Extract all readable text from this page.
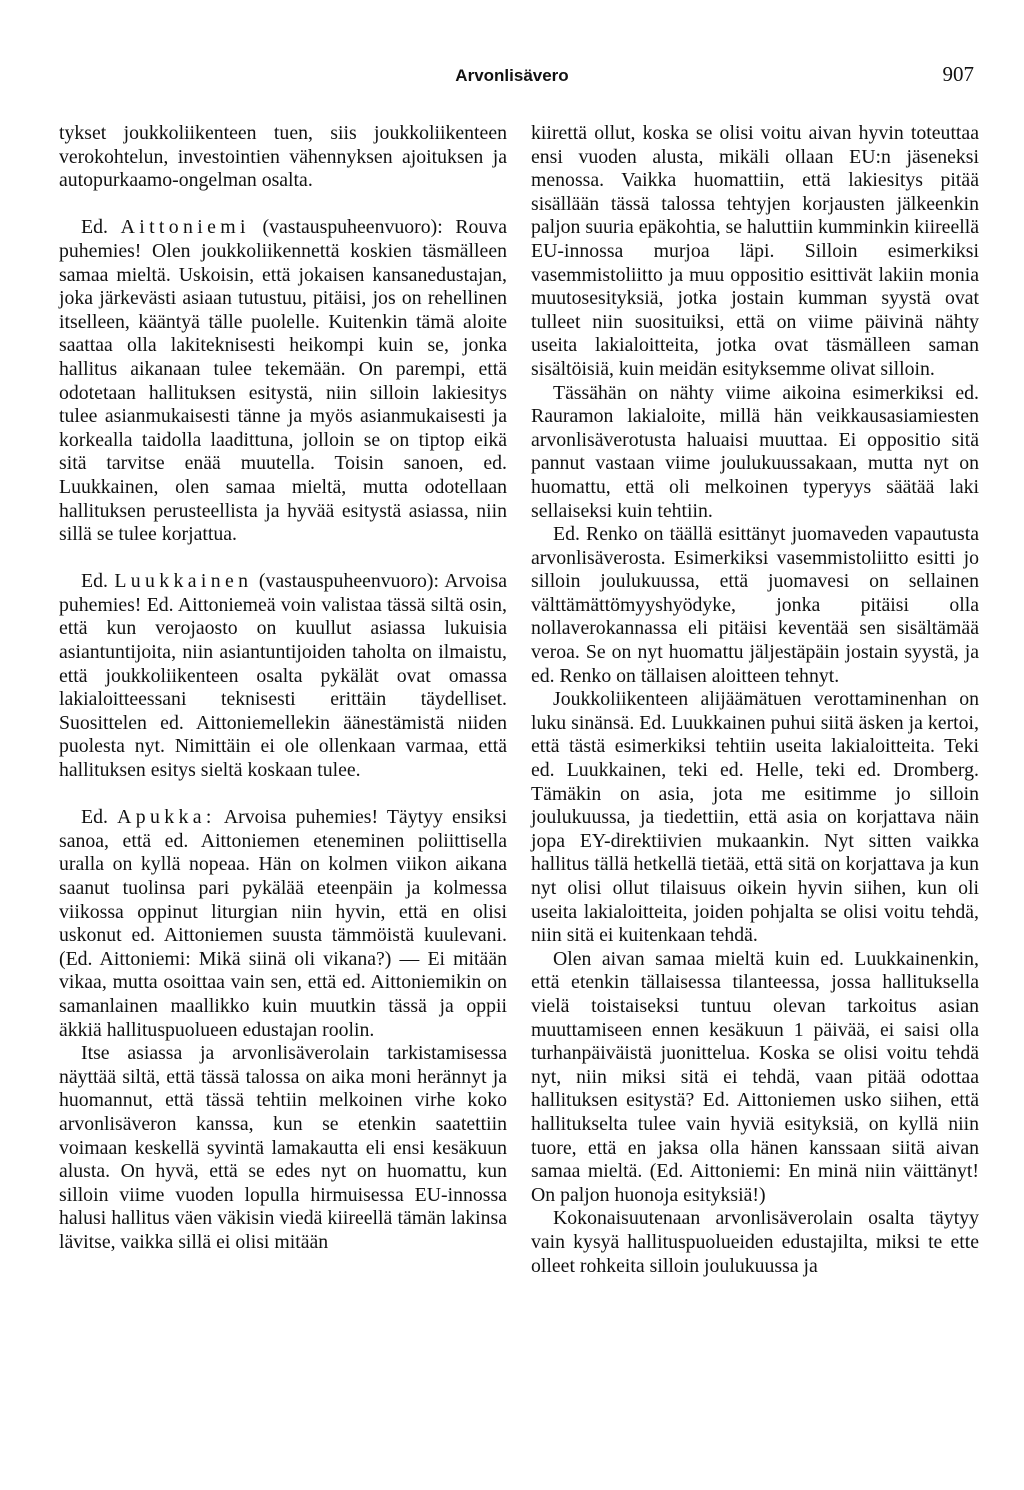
Arvonlisävero	907

tykset joukkoliikenteen tuen, siis joukkoliikenteen verokohtelun, investointien vähennyksen ajoituksen ja autopurkaamo-ongelman osalta.

Ed. Aittoniemi (vastauspuheenvuoro): Rouva puhemies! Olen joukkoliikennettä koskien täsmälleen samaa mieltä. Uskoisin, että jokaisen kansanedustajan, joka järkevästi asiaan tutustuu, pitäisi, jos on rehellinen itselleen, kääntyä tälle puolelle. Kuitenkin tämä aloite saattaa olla lakiteknisesti heikompi kuin se, jonka hallitus aikanaan tulee tekemään. On parempi, että odotetaan hallituksen esitystä, niin silloin lakiesitys tulee asianmukaisesti tänne ja myös asianmukaisesti ja korkealla taidolla laadittuna, jolloin se on tiptop eikä sitä tarvitse enää muutella. Toisin sanoen, ed. Luukkainen, olen samaa mieltä, mutta odotellaan hallituksen perusteellista ja hyvää esitystä asiassa, niin sillä se tulee korjattua.

Ed. Luukkainen (vastauspuheenvuoro): Arvoisa puhemies! Ed. Aittoniemeä voin valistaa tässä siltä osin, että kun verojaosto on kuullut asiassa lukuisia asiantuntijoita, niin asiantuntijoiden taholta on ilmaistu, että joukkoliikenteen osalta pykälät ovat omassa lakialoitteessani teknisesti erittäin täydelliset. Suosittelen ed. Aittoniemellekin äänestämistä niiden puolesta nyt. Nimittäin ei ole ollenkaan varmaa, että hallituksen esitys sieltä koskaan tulee.

Ed. Apukka: Arvoisa puhemies! Täytyy ensiksi sanoa, että ed. Aittoniemen eteneminen poliittisella uralla on kyllä nopeaa. Hän on kolmen viikon aikana saanut tuolinsa pari pykälää eteenpäin ja kolmessa viikossa oppinut liturgian niin hyvin, että en olisi uskonut ed. Aittoniemen suusta tämmöistä kuulevani. (Ed. Aittoniemi: Mikä siinä oli vikana?) — Ei mitään vikaa, mutta osoittaa vain sen, että ed. Aittoniemikin on samanlainen maallikko kuin muutkin tässä ja oppii äkkiä hallituspuolueen edustajan roolin.

Itse asiassa ja arvonlisäverolain tarkistamisessa näyttää siltä, että tässä talossa on aika moni herännyt ja huomannut, että tässä tehtiin melkoinen virhe koko arvonlisäveron kanssa, kun se etenkin saatettiin voimaan keskellä syvintä lamakautta eli ensi kesäkuun alusta. On hyvä, että se edes nyt on huomattu, kun silloin viime vuoden lopulla hirmuisessa EU-innossa halusi hallitus väen väkisin viedä kiireellä tämän lakinsa lävitse, vaikka sillä ei olisi mitään

kiirettä ollut, koska se olisi voitu aivan hyvin toteuttaa ensi vuoden alusta, mikäli ollaan EU:n jäseneksi menossa. Vaikka huomattiin, että lakiesitys pitää sisällään tässä talossa tehtyjen korjausten jälkeenkin paljon suuria epäkohtia, se haluttiin kumminkin kiireellä EU-innossa murjoa läpi. Silloin esimerkiksi vasemmistoliitto ja muu oppositio esittivät lakiin monia muutosesityksiä, jotka jostain kumman syystä ovat tulleet niin suosituiksi, että on viime päivinä nähty useita lakialoitteita, jotka ovat täsmälleen saman sisältöisiä, kuin meidän esityksemme olivat silloin.

Tässähän on nähty viime aikoina esimerkiksi ed. Rauramon lakialoite, millä hän veikkausasiamiesten arvonlisäverotusta haluaisi muuttaa. Ei oppositio sitä pannut vastaan viime joulukuussakaan, mutta nyt on huomattu, että oli melkoinen typeryys säätää laki sellaiseksi kuin tehtiin.

Ed. Renko on täällä esittänyt juomaveden vapautusta arvonlisäverosta. Esimerkiksi vasemmistoliitto esitti jo silloin joulukuussa, että juomavesi on sellainen välttämättömyyshyödyke, jonka pitäisi olla nollaverokannassa eli pitäisi keventää sen sisältämää veroa. Se on nyt huomattu jäljestäpäin jostain syystä, ja ed. Renko on tällaisen aloitteen tehnyt.

Joukkoliikenteen alijäämätuen verottaminenhan on luku sinänsä. Ed. Luukkainen puhui siitä äsken ja kertoi, että tästä esimerkiksi tehtiin useita lakialoitteita. Teki ed. Luukkainen, teki ed. Helle, teki ed. Dromberg. Tämäkin on asia, jota me esitimme jo silloin joulukuussa, ja tiedettiin, että asia on korjattava näin jopa EY-direktiivien mukaankin. Nyt sitten vaikka hallitus tällä hetkellä tietää, että sitä on korjattava ja kun nyt olisi ollut tilaisuus oikein hyvin siihen, kun oli useita lakialoitteita, joiden pohjalta se olisi voitu tehdä, niin sitä ei kuitenkaan tehdä.

Olen aivan samaa mieltä kuin ed. Luukkainenkin, että etenkin tällaisessa tilanteessa, jossa hallituksella vielä toistaiseksi tuntuu olevan tarkoitus asian muuttamiseen ennen kesäkuun 1 päivää, ei saisi olla turhanpäiväistä juonittelua. Koska se olisi voitu tehdä nyt, niin miksi sitä ei tehdä, vaan pitää odottaa hallituksen esitystä? Ed. Aittoniemen usko siihen, että hallitukselta tulee vain hyviä esityksiä, on kyllä niin tuore, että en jaksa olla hänen kanssaan siitä aivan samaa mieltä. (Ed. Aittoniemi: En minä niin väittänyt! On paljon huonoja esityksiä!)

Kokonaisuutenaan arvonlisäverolain osalta täytyy vain kysyä hallituspuolueiden edustajilta, miksi te ette olleet rohkeita silloin joulukuussa ja
